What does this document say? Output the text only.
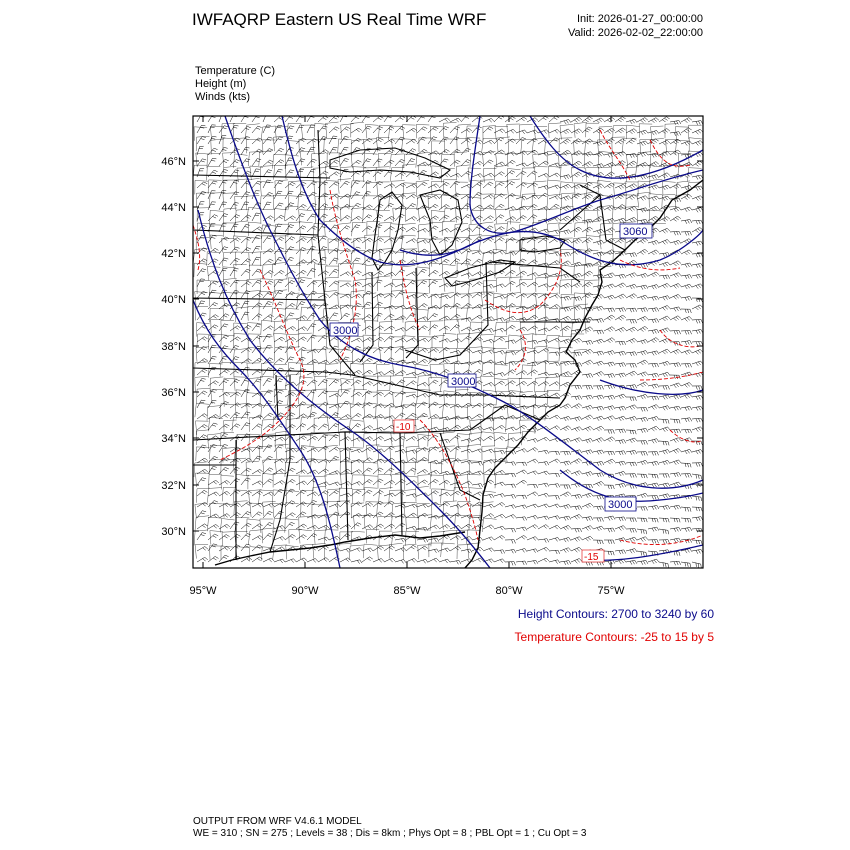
IWFAQRP Eastern US Real Time WRF	Init: 2026-01-27_00:00:00
Valid: 2026-02-02_22:00:00
Temperature (C)
Height (m)
Winds (kts)
3000
3000
3000
3060
-10
-15
46°N
44°N
42°N
40°N
38°N
36°N
34°N
32°N
30°N
95°W	90°W	85°W	80°W	75°W
Height Contours: 2700 to 3240 by 60
Temperature Contours: -25 to 15 by 5
OUTPUT FROM WRF V4.6.1 MODEL
WE = 310 ; SN = 275 ; Levels = 38 ; Dis = 8km ; Phys Opt = 8 ; PBL Opt = 1 ; Cu Opt = 3
